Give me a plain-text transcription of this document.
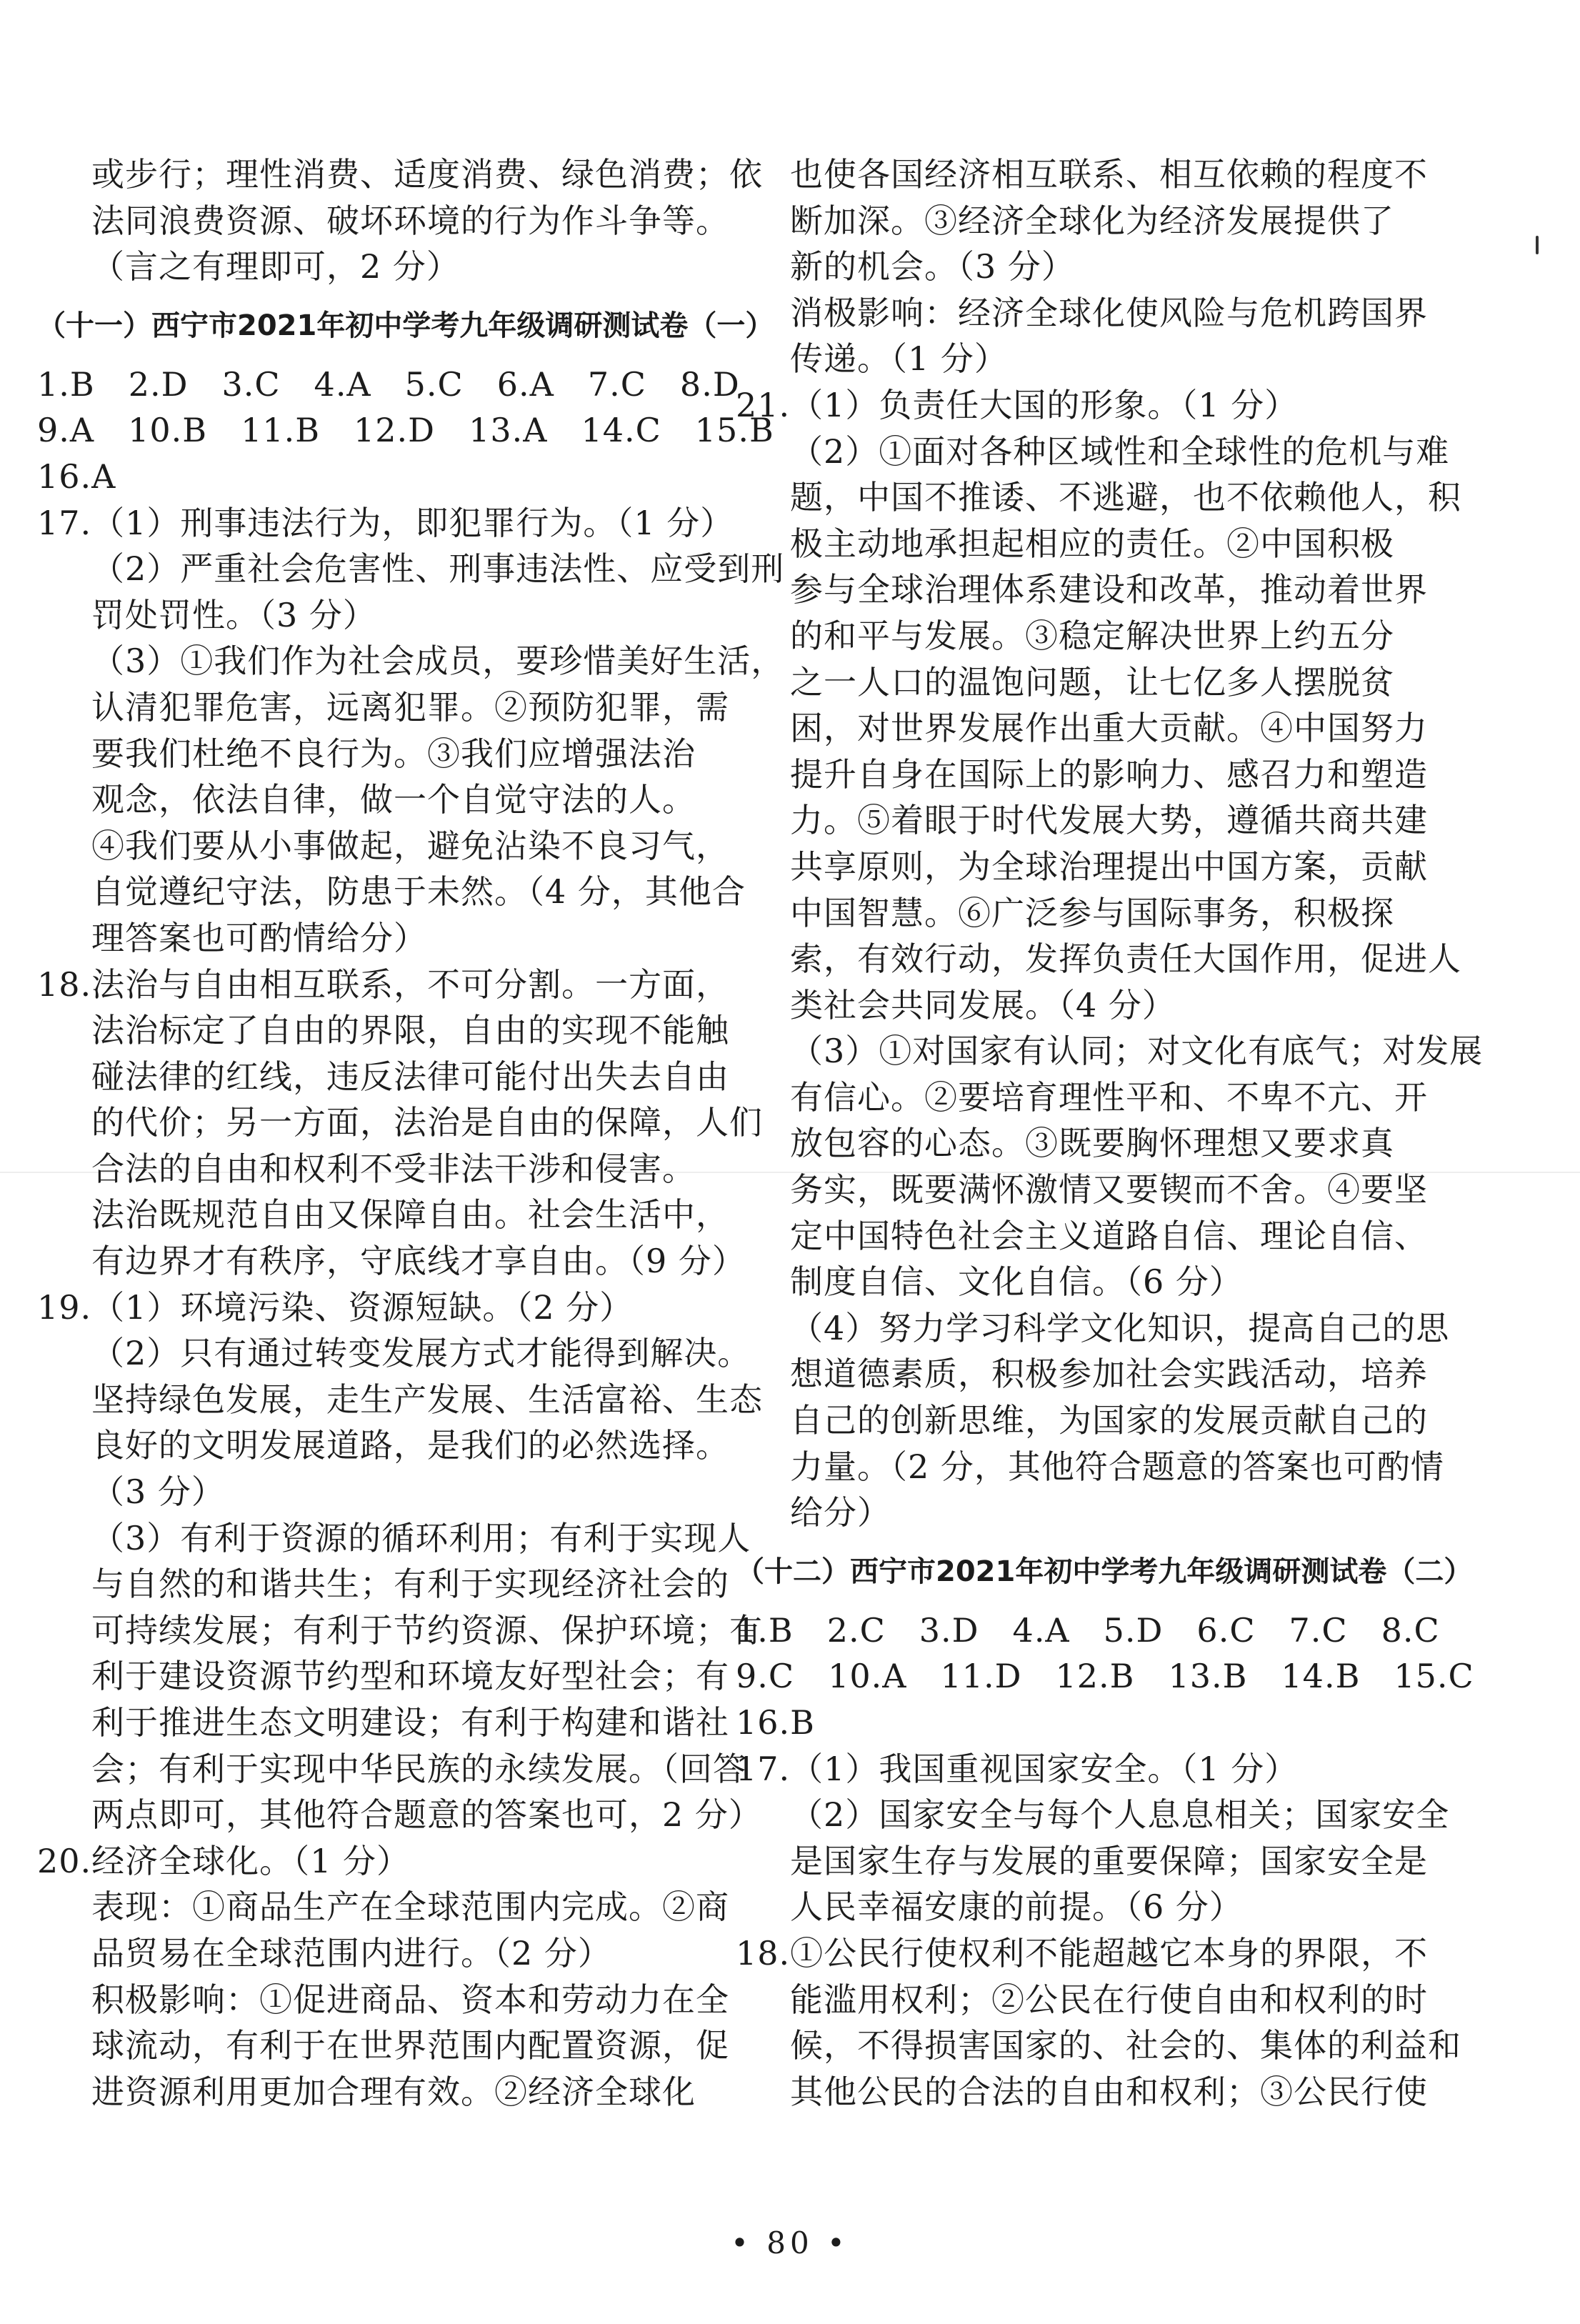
或步行；理性消费、适度消费、绿色消费；依
法同浪费资源、破坏环境的行为作斗争等。
（言之有理即可，2 分）
（十一）西宁市2021年初中学考九年级调研测试卷（一）
1.B　2.D　3.C　4.A　5.C　6.A　7.C　8.D
9.A　10.B　11.B　12.D　13.A　14.C　15.B
16.A
17.（1）刑事违法行为，即犯罪行为。（1 分）
（2）严重社会危害性、刑事违法性、应受到刑
罚处罚性。（3 分）
（3）①我们作为社会成员，要珍惜美好生活，
认清犯罪危害，远离犯罪。②预防犯罪，需
要我们杜绝不良行为。③我们应增强法治
观念，依法自律，做一个自觉守法的人。
④我们要从小事做起，避免沾染不良习气，
自觉遵纪守法，防患于未然。（4 分，其他合
理答案也可酌情给分）
18.法治与自由相互联系，不可分割。一方面，
法治标定了自由的界限，自由的实现不能触
碰法律的红线，违反法律可能付出失去自由
的代价；另一方面，法治是自由的保障，人们
合法的自由和权利不受非法干涉和侵害。
法治既规范自由又保障自由。社会生活中，
有边界才有秩序，守底线才享自由。（9 分）
19.（1）环境污染、资源短缺。（2 分）
（2）只有通过转变发展方式才能得到解决。
坚持绿色发展，走生产发展、生活富裕、生态
良好的文明发展道路，是我们的必然选择。
（3 分）
（3）有利于资源的循环利用；有利于实现人
与自然的和谐共生；有利于实现经济社会的
可持续发展；有利于节约资源、保护环境；有
利于建设资源节约型和环境友好型社会；有
利于推进生态文明建设；有利于构建和谐社
会；有利于实现中华民族的永续发展。（回答
两点即可，其他符合题意的答案也可，2 分）
20.经济全球化。（1 分）
表现：①商品生产在全球范围内完成。②商
品贸易在全球范围内进行。（2 分）
积极影响：①促进商品、资本和劳动力在全
球流动，有利于在世界范围内配置资源，促
进资源利用更加合理有效。②经济全球化
也使各国经济相互联系、相互依赖的程度不
断加深。③经济全球化为经济发展提供了
新的机会。（3 分）
消极影响：经济全球化使风险与危机跨国界
传递。（1 分）
21.（1）负责任大国的形象。（1 分）
（2）①面对各种区域性和全球性的危机与难
题，中国不推诿、不逃避，也不依赖他人，积
极主动地承担起相应的责任。②中国积极
参与全球治理体系建设和改革，推动着世界
的和平与发展。③稳定解决世界上约五分
之一人口的温饱问题，让七亿多人摆脱贫
困，对世界发展作出重大贡献。④中国努力
提升自身在国际上的影响力、感召力和塑造
力。⑤着眼于时代发展大势，遵循共商共建
共享原则，为全球治理提出中国方案，贡献
中国智慧。⑥广泛参与国际事务，积极探
索，有效行动，发挥负责任大国作用，促进人
类社会共同发展。（4 分）
（3）①对国家有认同；对文化有底气；对发展
有信心。②要培育理性平和、不卑不亢、开
放包容的心态。③既要胸怀理想又要求真
务实，既要满怀激情又要锲而不舍。④要坚
定中国特色社会主义道路自信、理论自信、
制度自信、文化自信。（6 分）
（4）努力学习科学文化知识，提高自己的思
想道德素质，积极参加社会实践活动，培养
自己的创新思维，为国家的发展贡献自己的
力量。（2 分，其他符合题意的答案也可酌情
给分）
（十二）西宁市2021年初中学考九年级调研测试卷（二）
1.B　2.C　3.D　4.A　5.D　6.C　7.C　8.C
9.C　10.A　11.D　12.B　13.B　14.B　15.C
16.B
17.（1）我国重视国家安全。（1 分）
（2）国家安全与每个人息息相关；国家安全
是国家生存与发展的重要保障；国家安全是
人民幸福安康的前提。（6 分）
18.①公民行使权利不能超越它本身的界限，不
能滥用权利；②公民在行使自由和权利的时
候，不得损害国家的、社会的、集体的利益和
其他公民的合法的自由和权利；③公民行使
• 80 •
